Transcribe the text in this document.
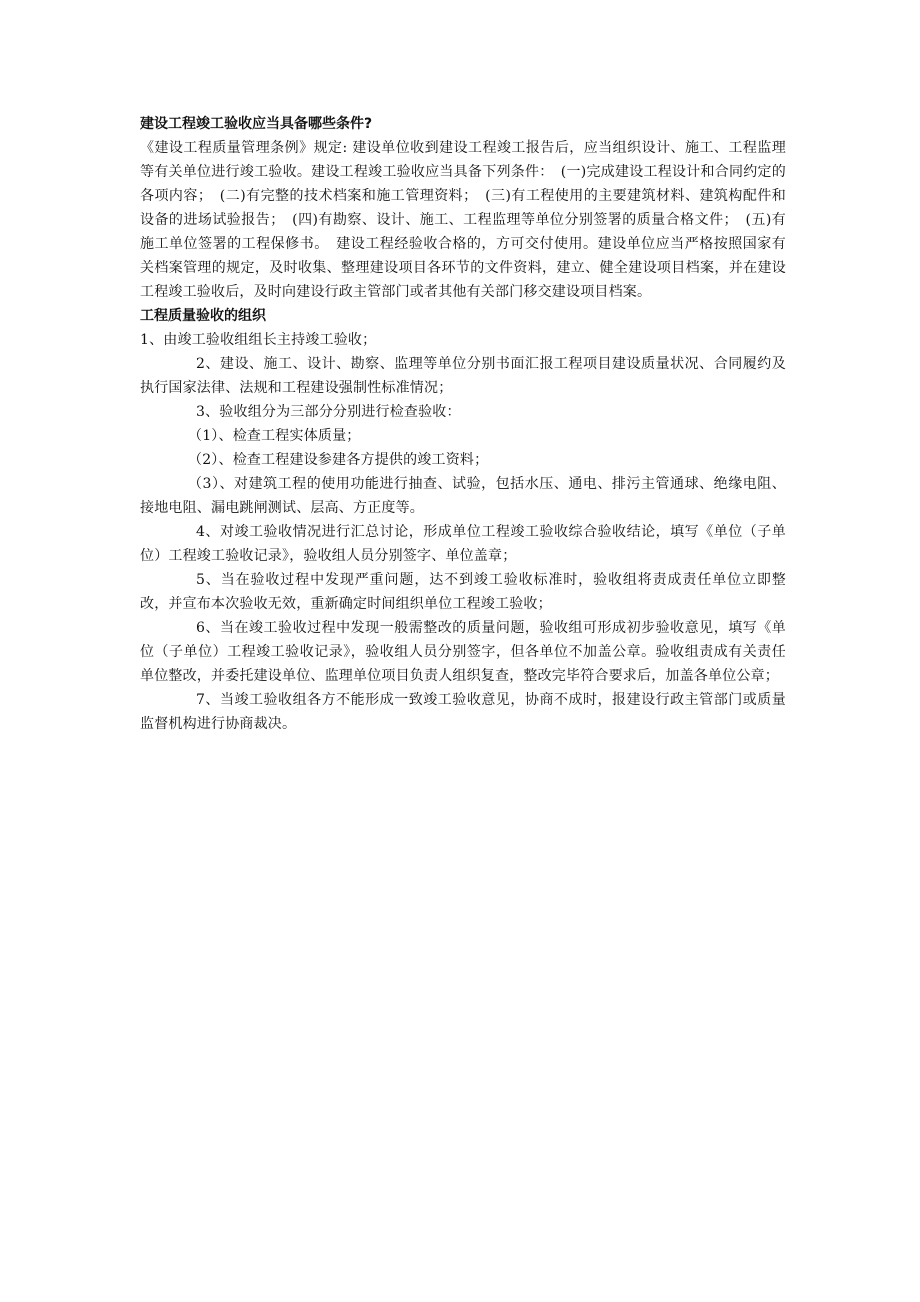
建设工程竣工验收应当具备哪些条件?

《建设工程质量管理条例》规定: 建设单位收到建设工程竣工报告后，应当组织设计、施工、工程监理等有关单位进行竣工验收。建设工程竣工验收应当具备下列条件：　(一)完成建设工程设计和合同约定的各项内容；　(二)有完整的技术档案和施工管理资料；　(三)有工程使用的主要建筑材料、建筑构配件和设备的进场试验报告；　(四)有勘察、设计、施工、工程监理等单位分别签署的质量合格文件；　(五)有施工单位签署的工程保修书。　建设工程经验收合格的，方可交付使用。建设单位应当严格按照国家有关档案管理的规定，及时收集、整理建设项目各环节的文件资料，建立、健全建设项目档案，并在建设工程竣工验收后，及时向建设行政主管部门或者其他有关部门移交建设项目档案。

工程质量验收的组织

1、由竣工验收组组长主持竣工验收；

2、建设、施工、设计、勘察、监理等单位分别书面汇报工程项目建设质量状况、合同履约及执行国家法律、法规和工程建设强制性标准情况；

3、验收组分为三部分分别进行检查验收：

（1）、检查工程实体质量；

（2）、检查工程建设参建各方提供的竣工资料；

（3）、对建筑工程的使用功能进行抽查、试验，包括水压、通电、排污主管通球、绝缘电阻、接地电阻、漏电跳闸测试、层高、方正度等。

4、对竣工验收情况进行汇总讨论，形成单位工程竣工验收综合验收结论，填写《单位（子单位）工程竣工验收记录》，验收组人员分别签字、单位盖章；

5、当在验收过程中发现严重问题，达不到竣工验收标准时，验收组将责成责任单位立即整改，并宣布本次验收无效，重新确定时间组织单位工程竣工验收；

6、当在竣工验收过程中发现一般需整改的质量问题，验收组可形成初步验收意见，填写《单位（子单位）工程竣工验收记录》，验收组人员分别签字，但各单位不加盖公章。验收组责成有关责任单位整改，并委托建设单位、监理单位项目负责人组织复查，整改完毕符合要求后，加盖各单位公章；

7、当竣工验收组各方不能形成一致竣工验收意见，协商不成时，报建设行政主管部门或质量监督机构进行协商裁决。
